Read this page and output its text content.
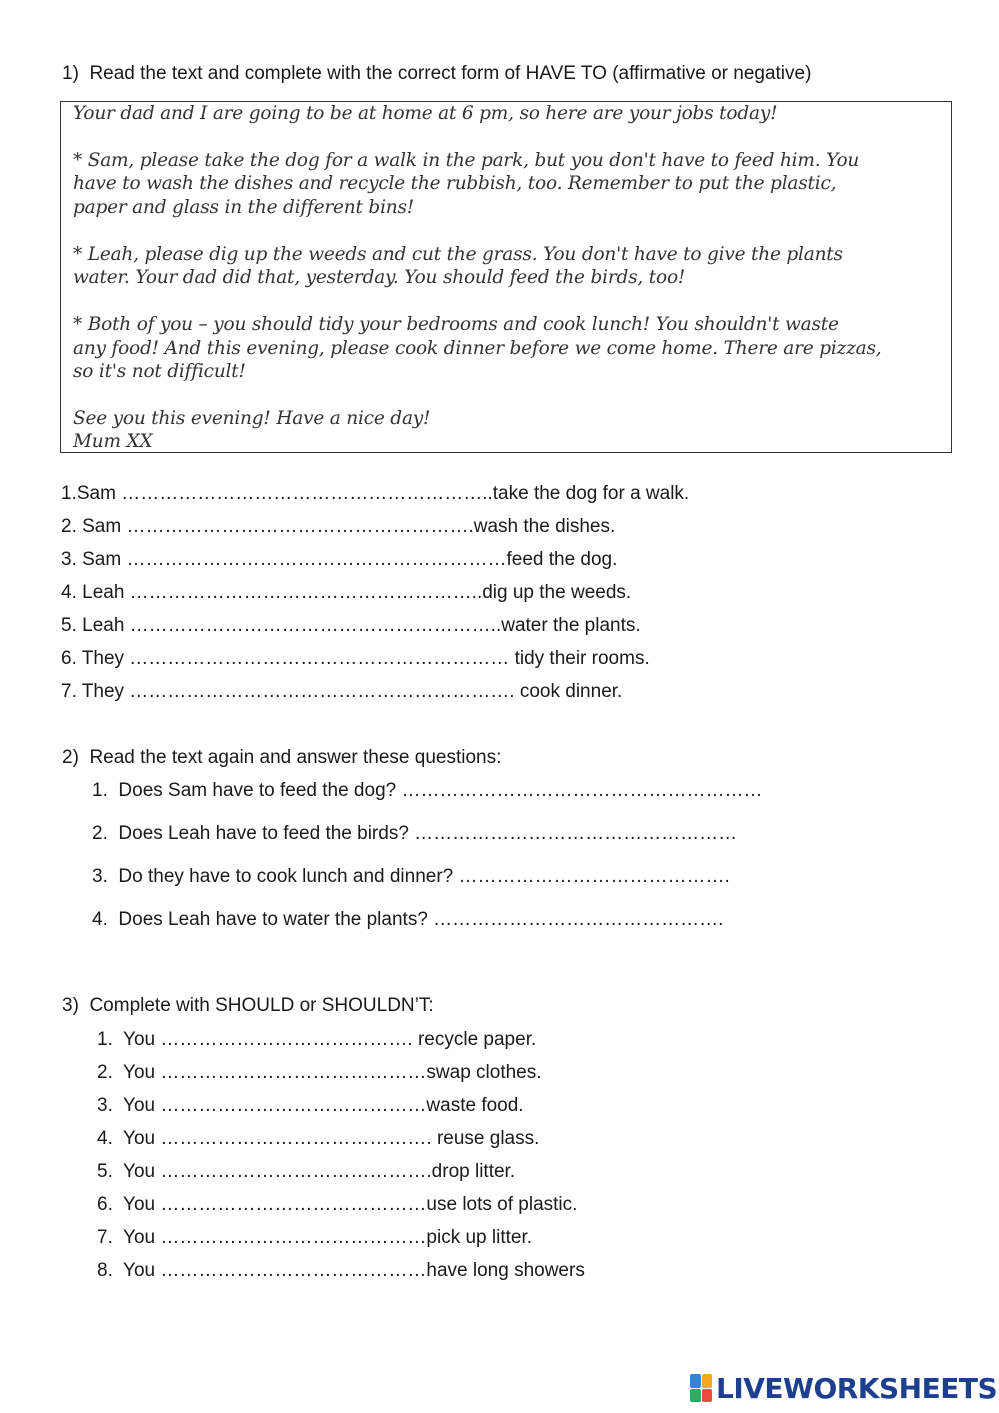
1)  Read the text and complete with the correct form of HAVE TO (affirmative or negative)
Your dad and I are going to be at home at 6 pm, so here are your jobs today!
* Sam, please take the dog for a walk in the park, but you don't have to feed him. You
have to wash the dishes and recycle the rubbish, too. Remember to put the plastic,
paper and glass in the different bins!
* Leah, please dig up the weeds and cut the grass. You don't have to give the plants
water. Your dad did that, yesterday. You should feed the birds, too!
* Both of you – you should tidy your bedrooms and cook lunch! You shouldn't waste
any food! And this evening, please cook dinner before we come home. There are pizzas,
so it's not difficult!
See you this evening! Have a nice day!
Mum XX
1.Sam …………………………………………………..take the dog for a walk.
2. Sam ……………………………………………….wash the dishes.
3. Sam ……………………………………………………feed the dog.
4. Leah ………………………………………………..dig up the weeds.
5. Leah …………………………………………………..water the plants.
6. They …………………………………………………… tidy their rooms.
7. They ……………………………………………………. cook dinner.
2)  Read the text again and answer these questions:
1.  Does Sam have to feed the dog? …………………………………………………
2.  Does Leah have to feed the birds? ……………………………………………
3.  Do they have to cook lunch and dinner? …………………………………….
4.  Does Leah have to water the plants? ……………………………………….
3)  Complete with SHOULD or SHOULDN’T:
1.  You …………………………………. recycle paper.
2.  You ……………………………………swap clothes.
3.  You ……………………………………waste food.
4.  You ……………………………………. reuse glass.
5.  You …………………………………….drop litter.
6.  You ……………………………………use lots of plastic.
7.  You ……………………………………pick up litter.
8.  You ……………………………………have long showers
LIVEWORKSHEETS
